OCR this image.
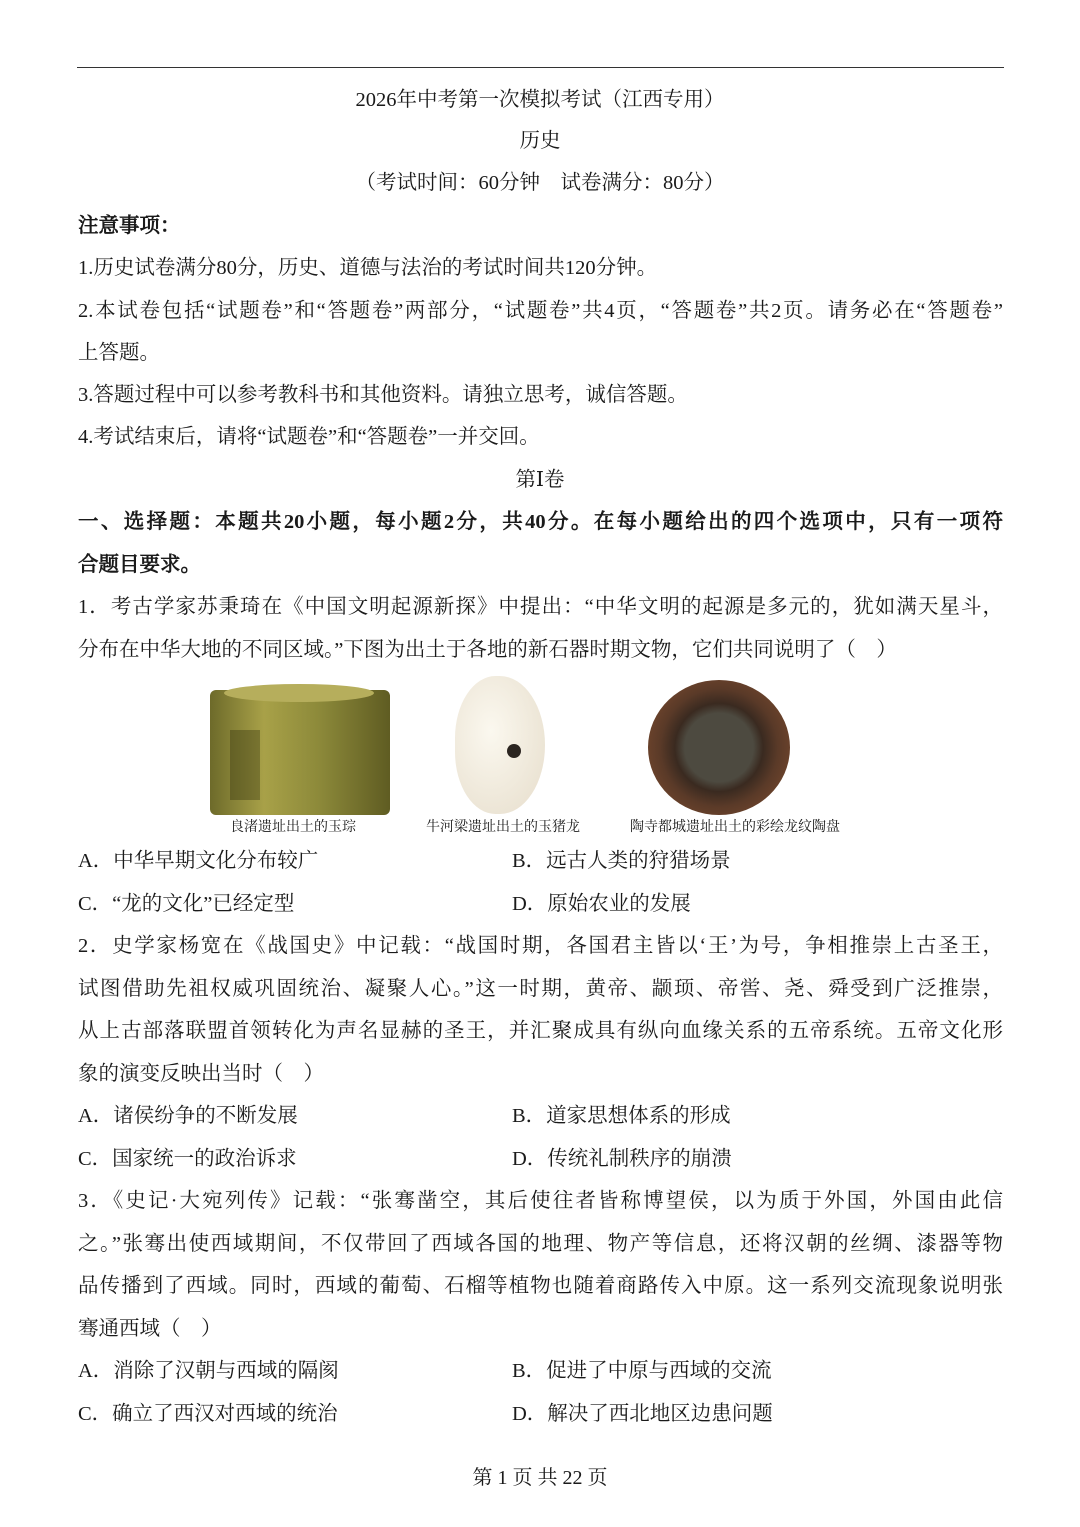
2026年中考第一次模拟考试（江西专用）
历史
（考试时间：60分钟　试卷满分：80分）
注意事项：
1.历史试卷满分80分，历史、道德与法治的考试时间共120分钟。
2.本试卷包括“试题卷”和“答题卷”两部分，“试题卷”共4页，“答题卷”共2页。请务必在“答题卷”
上答题。
3.答题过程中可以参考教科书和其他资料。请独立思考，诚信答题。
4.考试结束后，请将“试题卷”和“答题卷”一并交回。
第Ⅰ卷
一、选择题：本题共20小题，每小题2分，共40分。在每小题给出的四个选项中，只有一项符
合题目要求。
1．考古学家苏秉琦在《中国文明起源新探》中提出：“中华文明的起源是多元的，犹如满天星斗，
分布在中华大地的不同区域。”下图为出土于各地的新石器时期文物，它们共同说明了（　）
良渚遗址出土的玉琮	牛河梁遗址出土的玉猪龙	陶寺都城遗址出土的彩绘龙纹陶盘
A．中华早期文化分布较广	B．远古人类的狩猎场景
C．“龙的文化”已经定型	D．原始农业的发展
2．史学家杨宽在《战国史》中记载：“战国时期，各国君主皆以‘王’为号，争相推崇上古圣王，
试图借助先祖权威巩固统治、凝聚人心。”这一时期，黄帝、颛顼、帝喾、尧、舜受到广泛推崇，
从上古部落联盟首领转化为声名显赫的圣王，并汇聚成具有纵向血缘关系的五帝系统。五帝文化形
象的演变反映出当时（　）
A．诸侯纷争的不断发展	B．道家思想体系的形成
C．国家统一的政治诉求	D．传统礼制秩序的崩溃
3．《史记·大宛列传》记载：“张骞凿空，其后使往者皆称博望侯，以为质于外国，外国由此信
之。”张骞出使西域期间，不仅带回了西域各国的地理、物产等信息，还将汉朝的丝绸、漆器等物
品传播到了西域。同时，西域的葡萄、石榴等植物也随着商路传入中原。这一系列交流现象说明张
骞通西域（　）
A．消除了汉朝与西域的隔阂	B．促进了中原与西域的交流
C．确立了西汉对西域的统治	D．解决了西北地区边患问题
第 1 页 共 22 页
